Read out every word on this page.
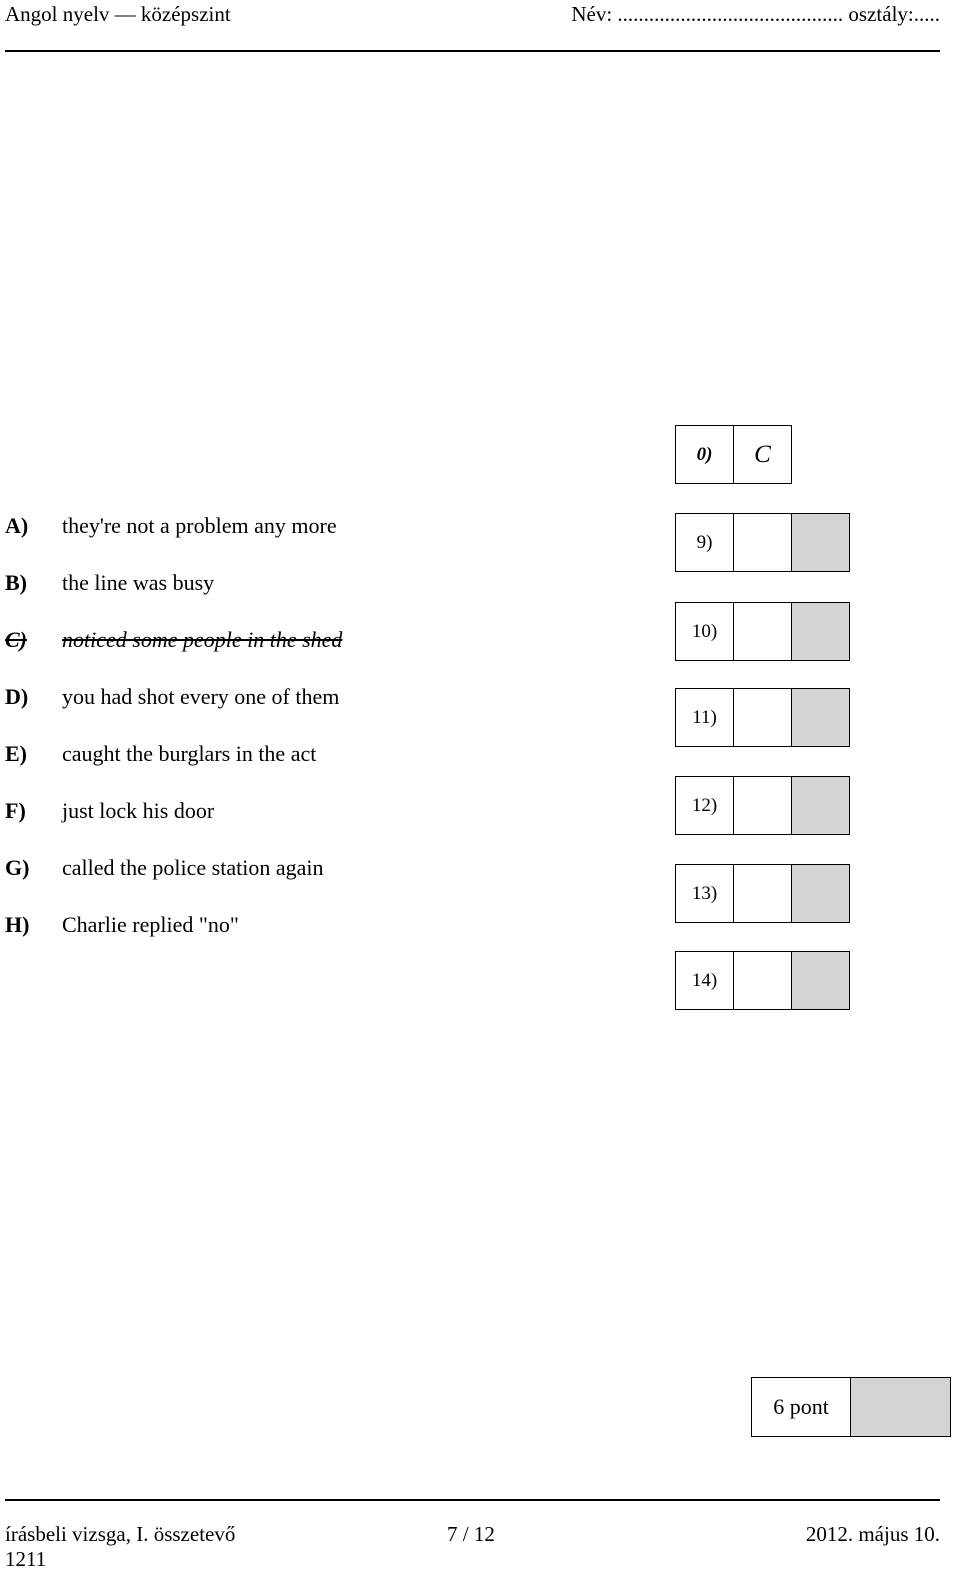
Angol nyelv — középszint	Név: ........................................... osztály:.....
A)	they're not a problem any more
B)	the line was busy
C)	noticed some people in the shed
D)	you had shot every one of them
E)	caught the burglars in the act
F)	just lock his door
G)	called the police station again
H)	Charlie replied "no"
0)	C
9)
10)
11)
12)
13)
14)
6 pont
írásbeli vizsga, I. összetevő	7 / 12	2012. május 10.
1211
